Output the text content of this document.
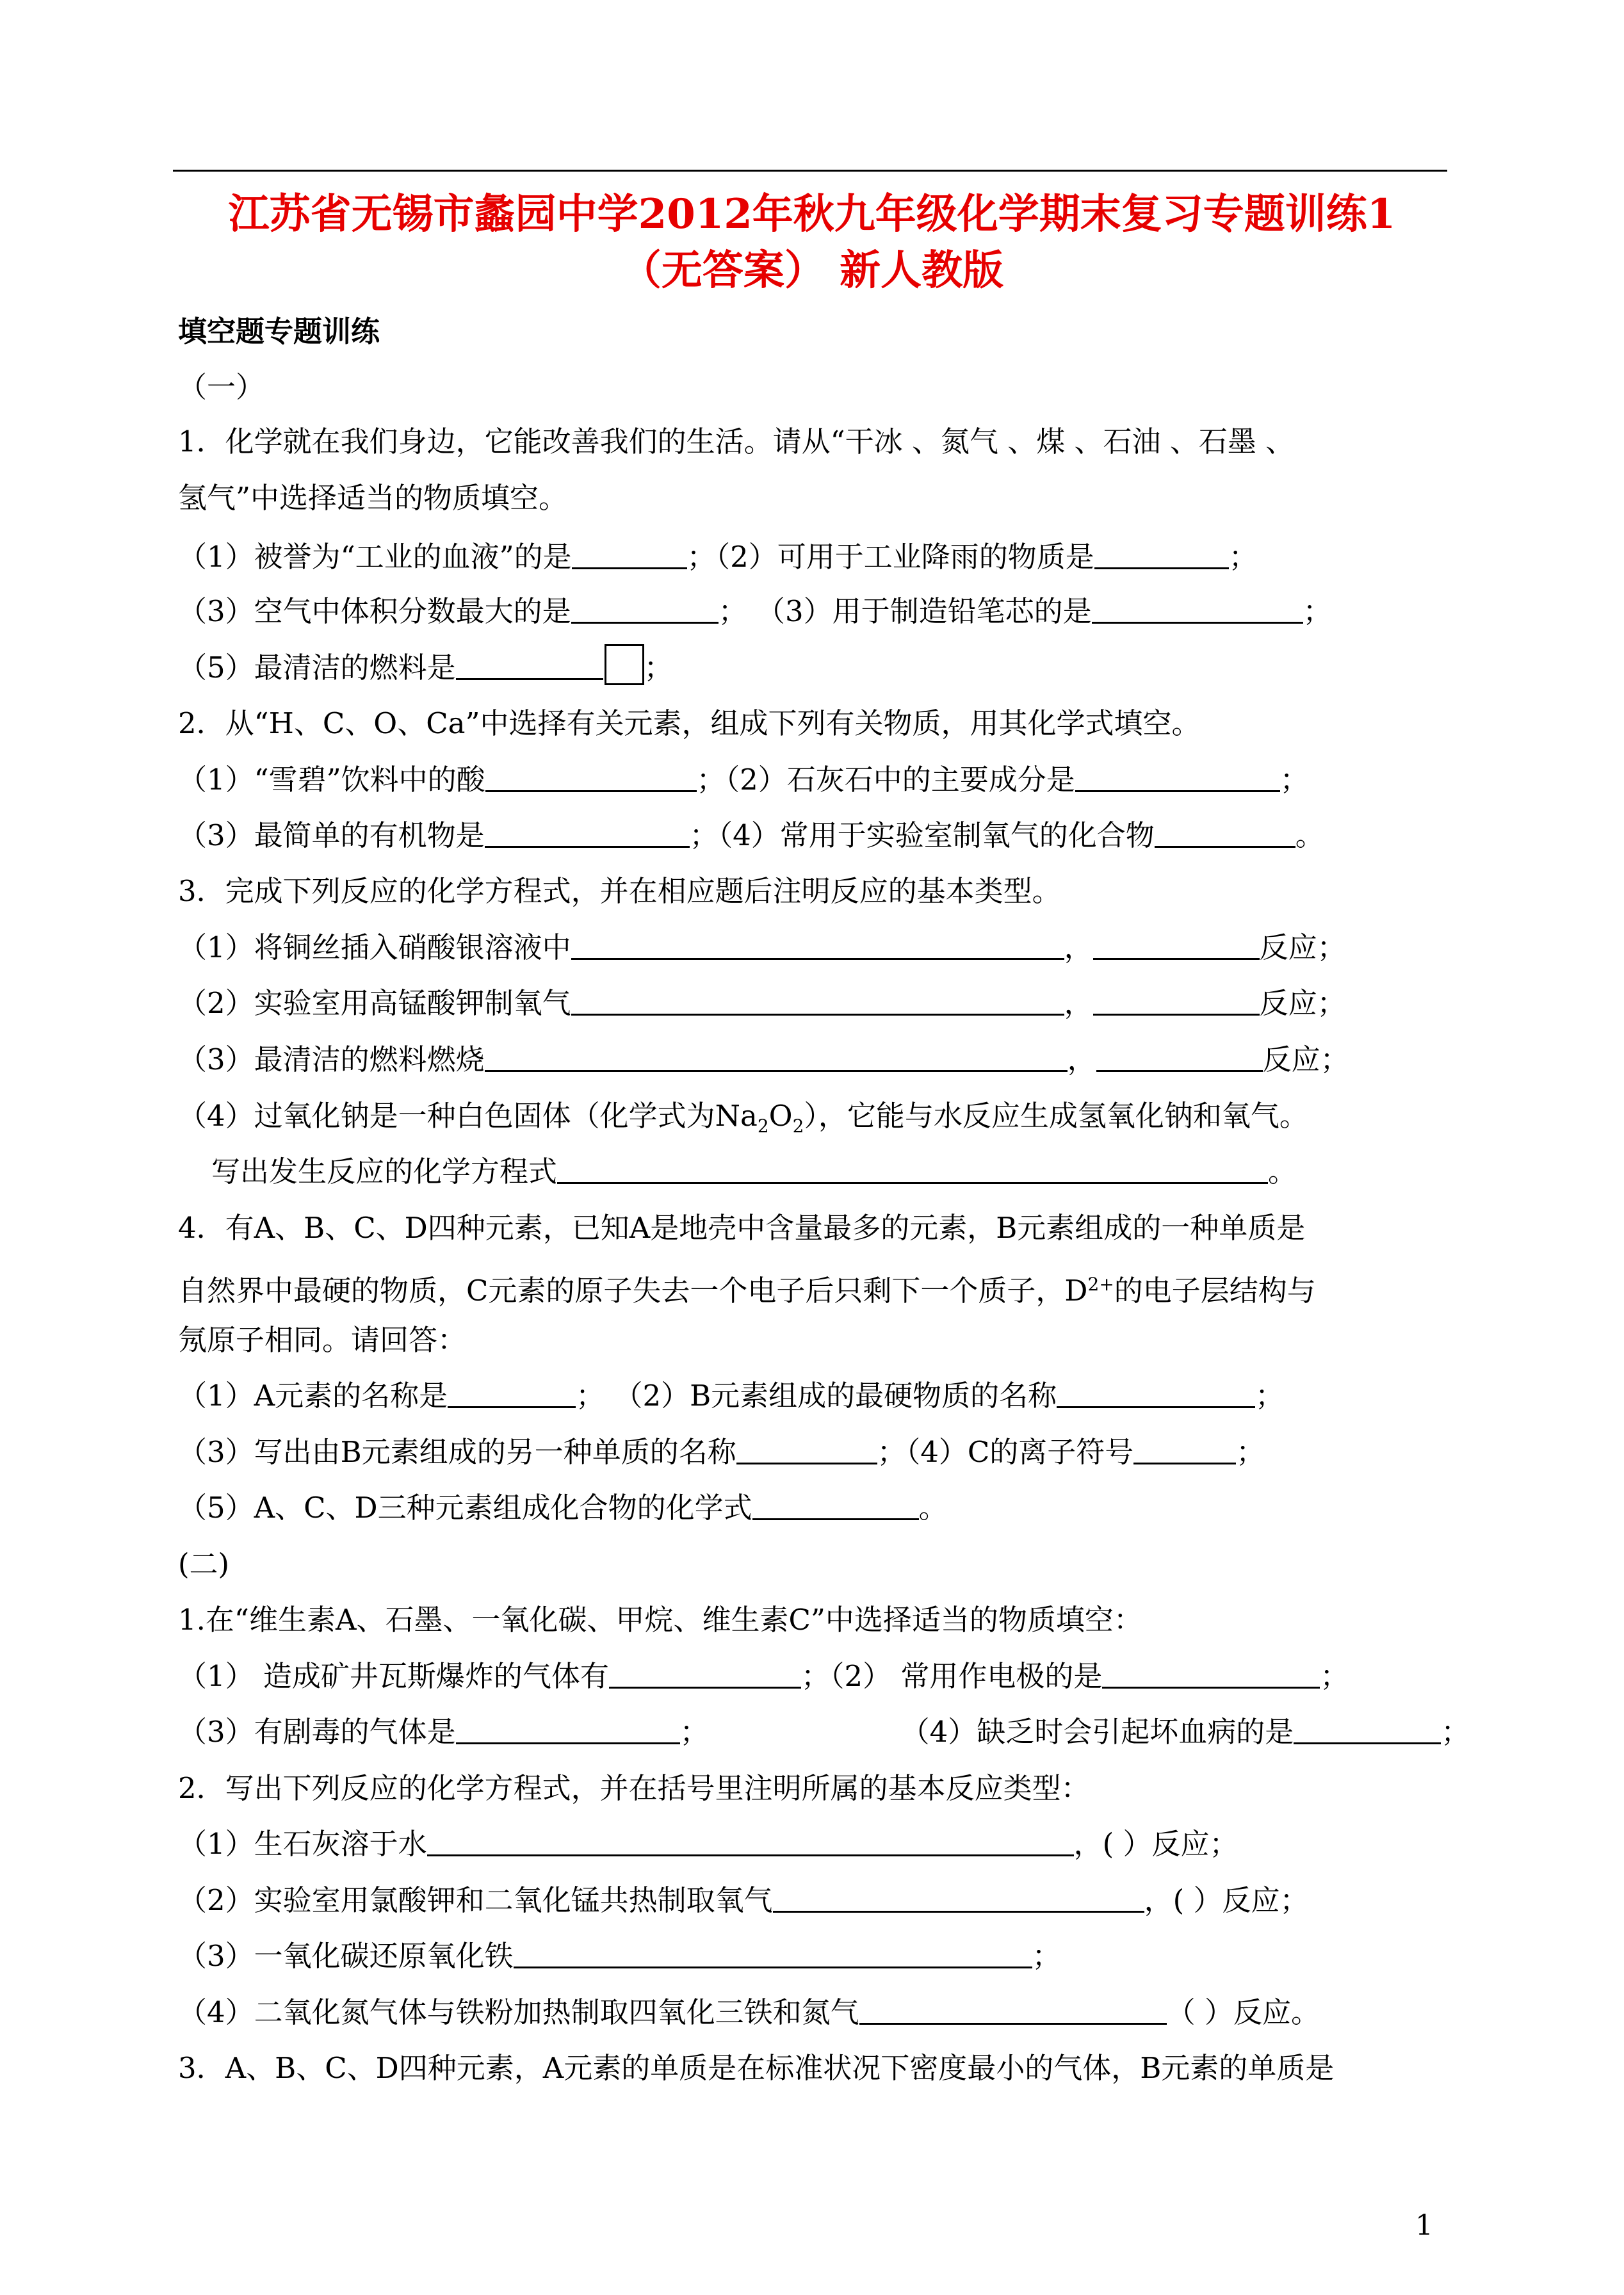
江苏省无锡市蠡园中学2012年秋九年级化学期末复习专题训练1
（无答案） 新人教版
填空题专题训练
（一）
1．化学就在我们身边，它能改善我们的生活。请从“干冰 、氮气 、煤 、石油 、石墨 、
氢气”中选择适当的物质填空。
（1）被誉为“工业的血液”的是	；（2）可用于工业降雨的物质是	；
（3）空气中体积分数最大的是	； （3）用于制造铅笔芯的是	；
（5）最清洁的燃料是	；
2．从“H、C、O、Ca”中选择有关元素，组成下列有关物质，用其化学式填空。
（1）“雪碧”饮料中的酸	；（2）石灰石中的主要成分是	；
（3）最简单的有机物是	；（4）常用于实验室制氧气的化合物	。
3．完成下列反应的化学方程式，并在相应题后注明反应的基本类型。
（1）将铜丝插入硝酸银溶液中	，	反应；
（2）实验室用高锰酸钾制氧气	，	反应；
（3）最清洁的燃料燃烧	，	反应；
（4）过氧化钠是一种白色固体（化学式为$Na_2O_2$），它能与水反应生成氢氧化钠和氧气。
写出发生反应的化学方程式	。
4．有A、B、C、D四种元素，已知A是地壳中含量最多的元素，B元素组成的一种单质是
自然界中最硬的物质，C元素的原子失去一个电子后只剩下一个质子，$D^{2+}$的电子层结构与
氖原子相同。请回答：
（1）A元素的名称是	； （2）B元素组成的最硬物质的名称	；
（3）写出由B元素组成的另一种单质的名称	；（4）C的离子符号	；
（5）A、C、D三种元素组成化合物的化学式	。
(二)
1.在“维生素A、石墨、一氧化碳、甲烷、维生素C”中选择适当的物质填空：
（1） 造成矿井瓦斯爆炸的气体有	；（2） 常用作电极的是	；
（3）有剧毒的气体是	；	（4）缺乏时会引起坏血病的是	；
2．写出下列反应的化学方程式，并在括号里注明所属的基本反应类型：
（1）生石灰溶于水	，( ）反应；
（2）实验室用氯酸钾和二氧化锰共热制取氧气	，( ）反应；
（3）一氧化碳还原氧化铁	；
（4）二氧化氮气体与铁粉加热制取四氧化三铁和氮气	（ ）反应。
3．A、B、C、D四种元素，A元素的单质是在标准状况下密度最小的气体，B元素的单质是
1
